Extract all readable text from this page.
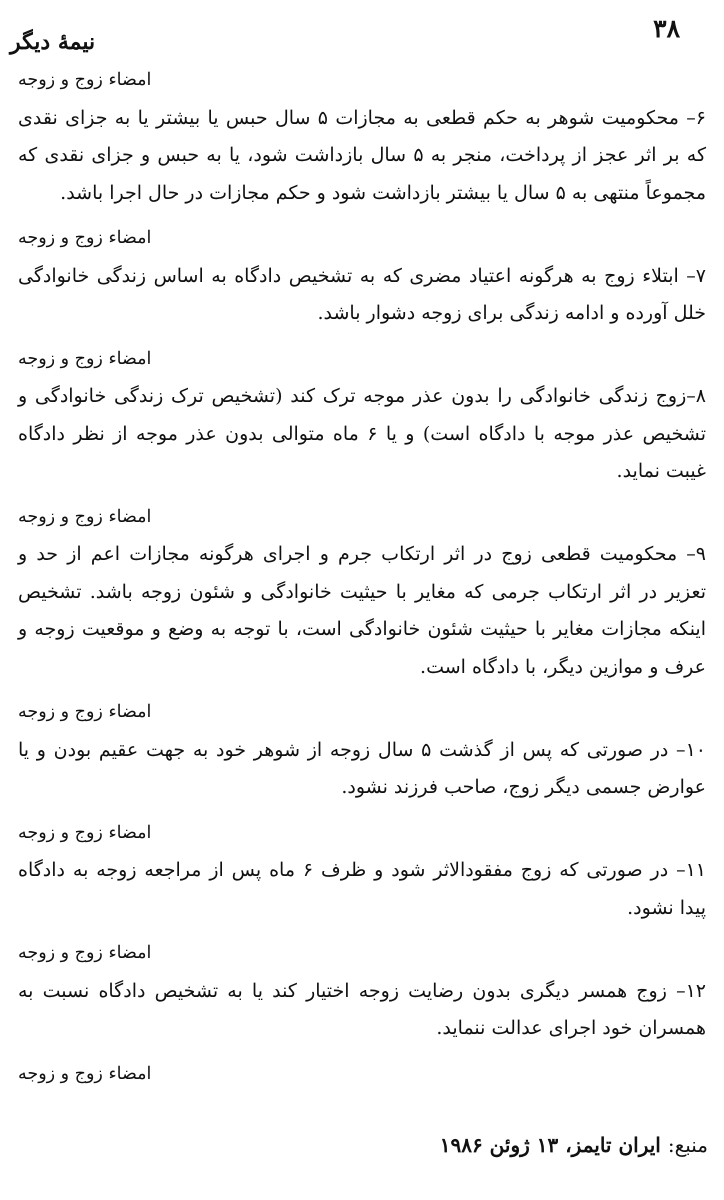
۳۸
نیمهٔ دیگر
امضاء زوج و زوجه

۶– محکومیت شوهر به حکم قطعی به مجازات ۵ سال حبس یا بیشتر یا به جزای نقدی که بر اثر عجز از پرداخت، منجر به ۵ سال بازداشت شود، یا به حبس و جزای نقدی که مجموعاً منتهی به ۵ سال یا بیشتر بازداشت شود و حکم مجازات در حال اجرا باشد.

امضاء زوج و زوجه

۷– ابتلاء زوج به هرگونه اعتیاد مضری که به تشخیص دادگاه به اساس زندگی خانوادگی خلل آورده و ادامه زندگی برای زوجه دشوار باشد.

امضاء زوج و زوجه

۸–زوج زندگی خانوادگی را بدون عذر موجه ترک کند (تشخیص ترک زندگی خانوادگی و تشخیص عذر موجه با دادگاه است) و یا ۶ ماه متوالی بدون عذر موجه از نظر دادگاه غیبت نماید.

امضاء زوج و زوجه

۹– محکومیت قطعی زوج در اثر ارتکاب جرم و اجرای هرگونه مجازات اعم از حد و تعزیر در اثر ارتکاب جرمی که مغایر با حیثیت خانوادگی و شئون زوجه باشد. تشخیص اینکه مجازات مغایر با حیثیت شئون خانوادگی است، با توجه به وضع و موقعیت زوجه و عرف و موازین دیگر، با دادگاه است.

امضاء زوج و زوجه

۱۰– در صورتی که پس از گذشت ۵ سال زوجه از شوهر خود به جهت عقیم بودن و یا عوارض جسمی دیگر زوج، صاحب فرزند نشود.

امضاء زوج و زوجه

۱۱– در صورتی که زوج مفقودالاثر شود و ظرف ۶ ماه پس از مراجعه زوجه به دادگاه پیدا نشود.

امضاء زوج و زوجه

۱۲– زوج همسر دیگری بدون رضایت زوجه اختیار کند یا به تشخیص دادگاه نسبت به همسران خود اجرای عدالت ننماید.

امضاء زوج و زوجه
منبع: ایران تایمز، ۱۳ ژوئن ۱۹۸۶
